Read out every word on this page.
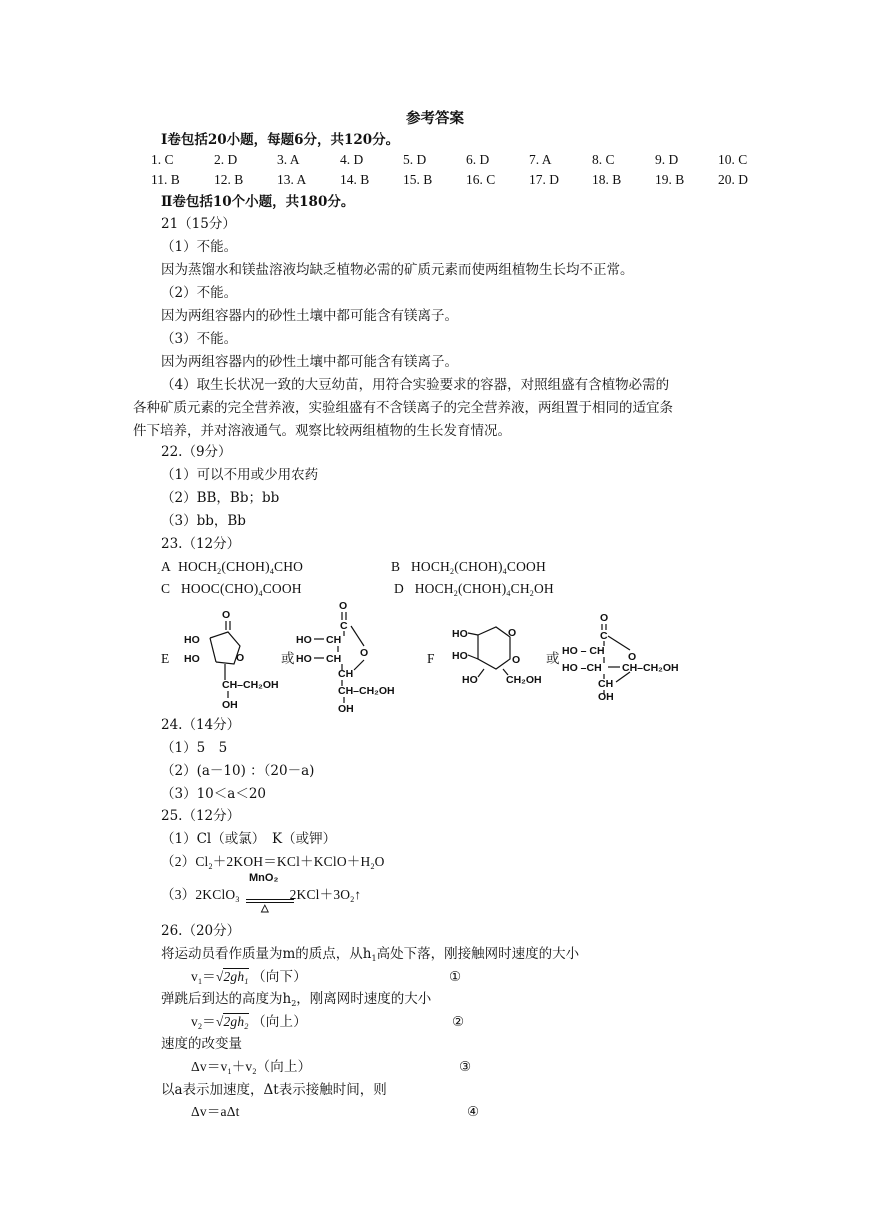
参考答案
Ⅰ卷包括20小题，每题6分，共120分。
1. C	2. D	3. A	4. D	5. D	6. D	7. A	8. C	9. D	10. C
11. B	12. B 13. A 14. B 15. B 16. C 17. D 18. B 19. B 20. D
Ⅱ卷包括10个小题，共180分。
21（15分）
（1）不能。
因为蒸馏水和镁盐溶液均缺乏植物必需的矿质元素而使两组植物生长均不正常。
（2）不能。
因为两组容器内的砂性土壤中都可能含有镁离子。
（3）不能。
因为两组容器内的砂性土壤中都可能含有镁离子。
（4）取生长状况一致的大豆幼苗，用符合实验要求的容器，对照组盛有含植物必需的
各种矿质元素的完全营养液，实验组盛有不含镁离子的完全营养液，两组置于相同的适宜条
件下培养，并对溶液通气。观察比较两组植物的生长发育情况。
22.（9分）
（1）可以不用或少用农药
（2）BB，Bb；bb
（3）bb，Bb
23.（12分）
A $HOCH_2(CHOH)_4CHO$	B $HOCH_2(CHOH)_4COOH$
C $HOOC(CHO)_4COOH$	D $HOCH_2(CHOH)_4CH_2OH$
E	或	F	或
O
HO
HO	O
CH–CH₂OH
OH
O
C
HO CH
O
HO CH
CH
CH–CH₂OH
OH
HO
HO
O
O
HO	CH₂OH
O
C
HO – CH O
HO –CH CH–CH₂OH
CH
OH
24.（14分）
（1）5　5
（2）(a－10) ：（20－a)
（3）10＜a＜20
25.（12分）
（1）Cl（或氯）　K（或钾）
$(2)Cl_2+2KOH=KCl+KClO+H_2O$
（3）2KClO$_3$	$2KCl+3O_2↑$
MnO₂
△
26.（20分）
将运动员看作质量为m的质点，从$h_1$高处下落，刚接触网时速度的大小
$v_1=√2gh_1$ （向下）	①
弹跳后到达的高度为$h_2$，刚离网时速度的大小
$v_2=√2gh_2$ （向上）	②
速度的改变量
$\Delta v=v_1+v_2$（向上）	③
以a表示加速度，Δt表示接触时间，则
Δv＝aΔt	④
